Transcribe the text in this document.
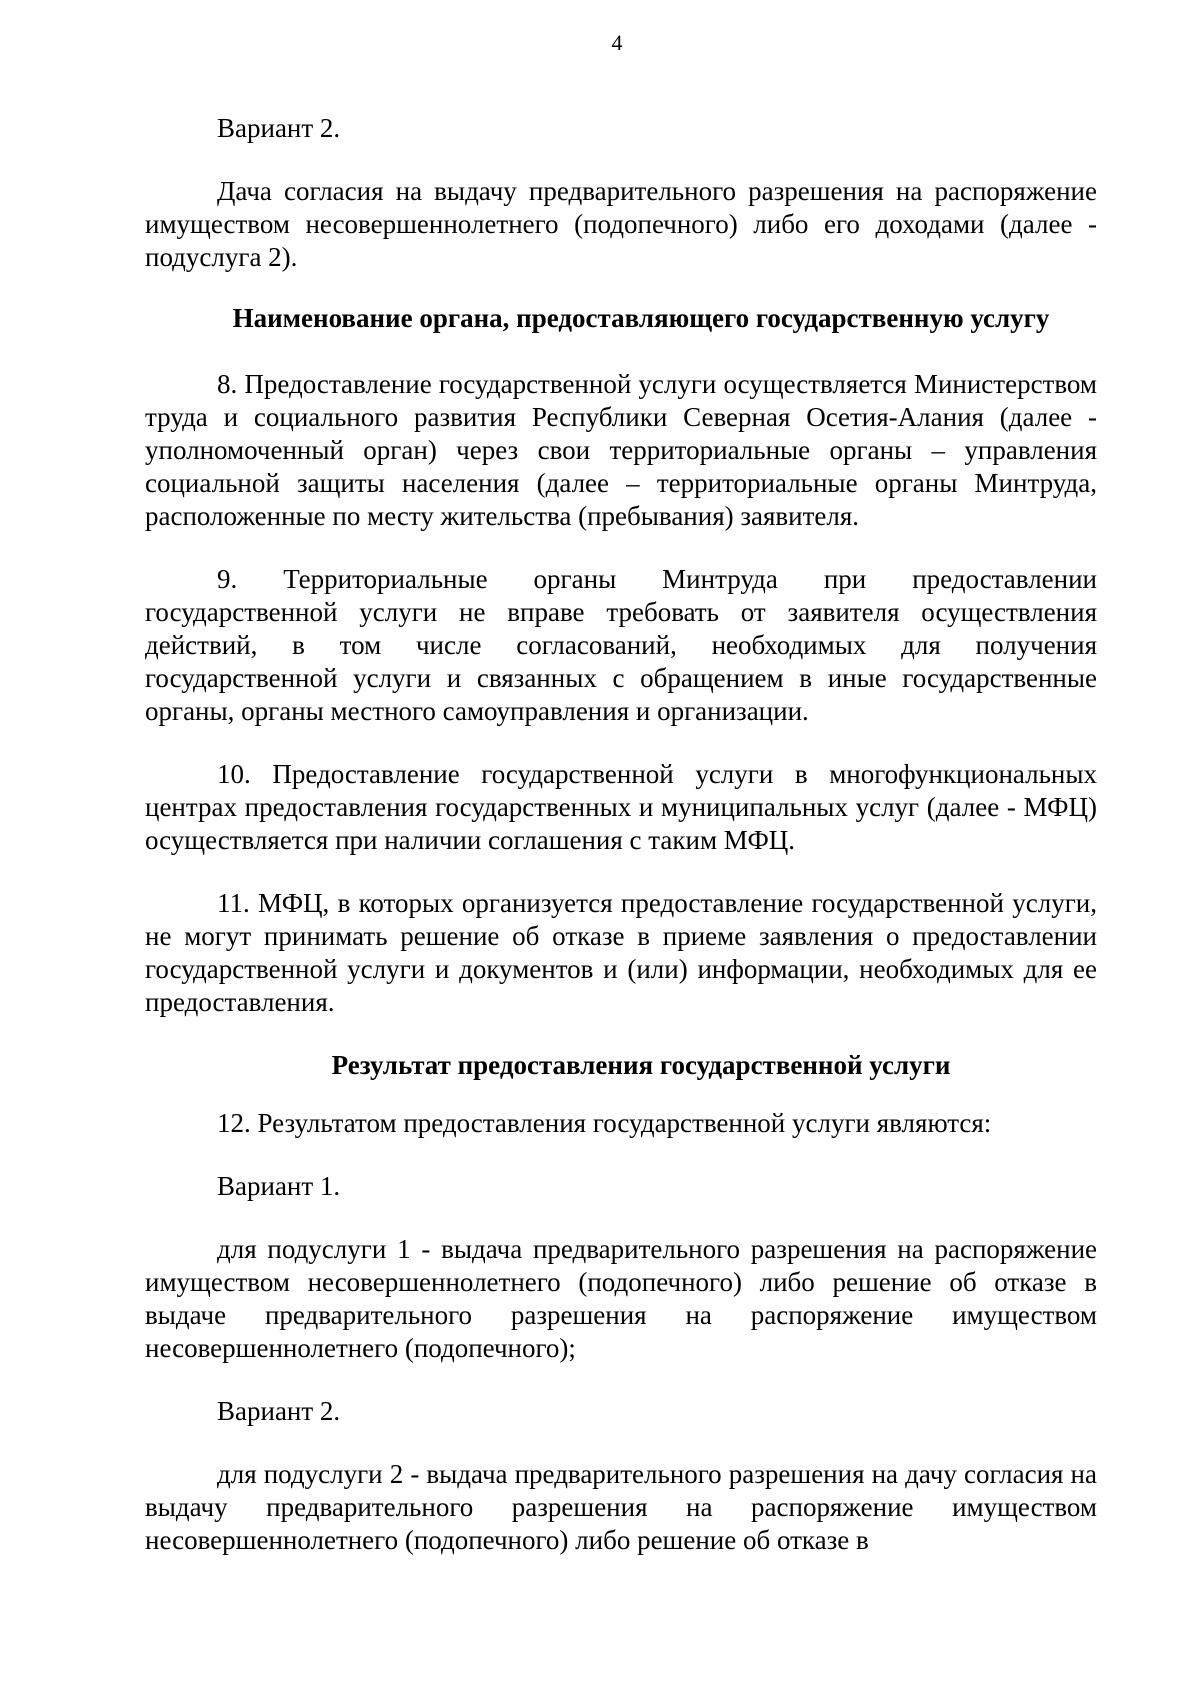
4

Вариант 2.

Дача согласия на выдачу предварительного разрешения на распоряжение имуществом несовершеннолетнего (подопечного) либо его доходами (далее - подуслуга 2).

Наименование органа, предоставляющего государственную услугу

8. Предоставление государственной услуги осуществляется Министерством труда и социального развития Республики Северная Осетия-Алания (далее - уполномоченный орган) через свои территориальные органы – управления социальной защиты населения (далее – территориальные органы Минтруда, расположенные по месту жительства (пребывания) заявителя.

9. Территориальные органы Минтруда при предоставлении государственной услуги не вправе требовать от заявителя осуществления действий, в том числе согласований, необходимых для получения государственной услуги и связанных с обращением в иные государственные органы, органы местного самоуправления и организации.

10. Предоставление государственной услуги в многофункциональных центрах предоставления государственных и муниципальных услуг (далее - МФЦ) осуществляется при наличии соглашения с таким МФЦ.

11. МФЦ, в которых организуется предоставление государственной услуги, не могут принимать решение об отказе в приеме заявления о предоставлении государственной услуги и документов и (или) информации, необходимых для ее предоставления.

Результат предоставления государственной услуги

12. Результатом предоставления государственной услуги являются:

Вариант 1.

для подуслуги 1 - выдача предварительного разрешения на распоряжение имуществом несовершеннолетнего (подопечного) либо решение об отказе в выдаче предварительного разрешения на распоряжение имуществом несовершеннолетнего (подопечного);

Вариант 2.

для подуслуги 2 - выдача предварительного разрешения на дачу согласия на выдачу предварительного разрешения на распоряжение имуществом несовершеннолетнего (подопечного) либо решение об отказе в
